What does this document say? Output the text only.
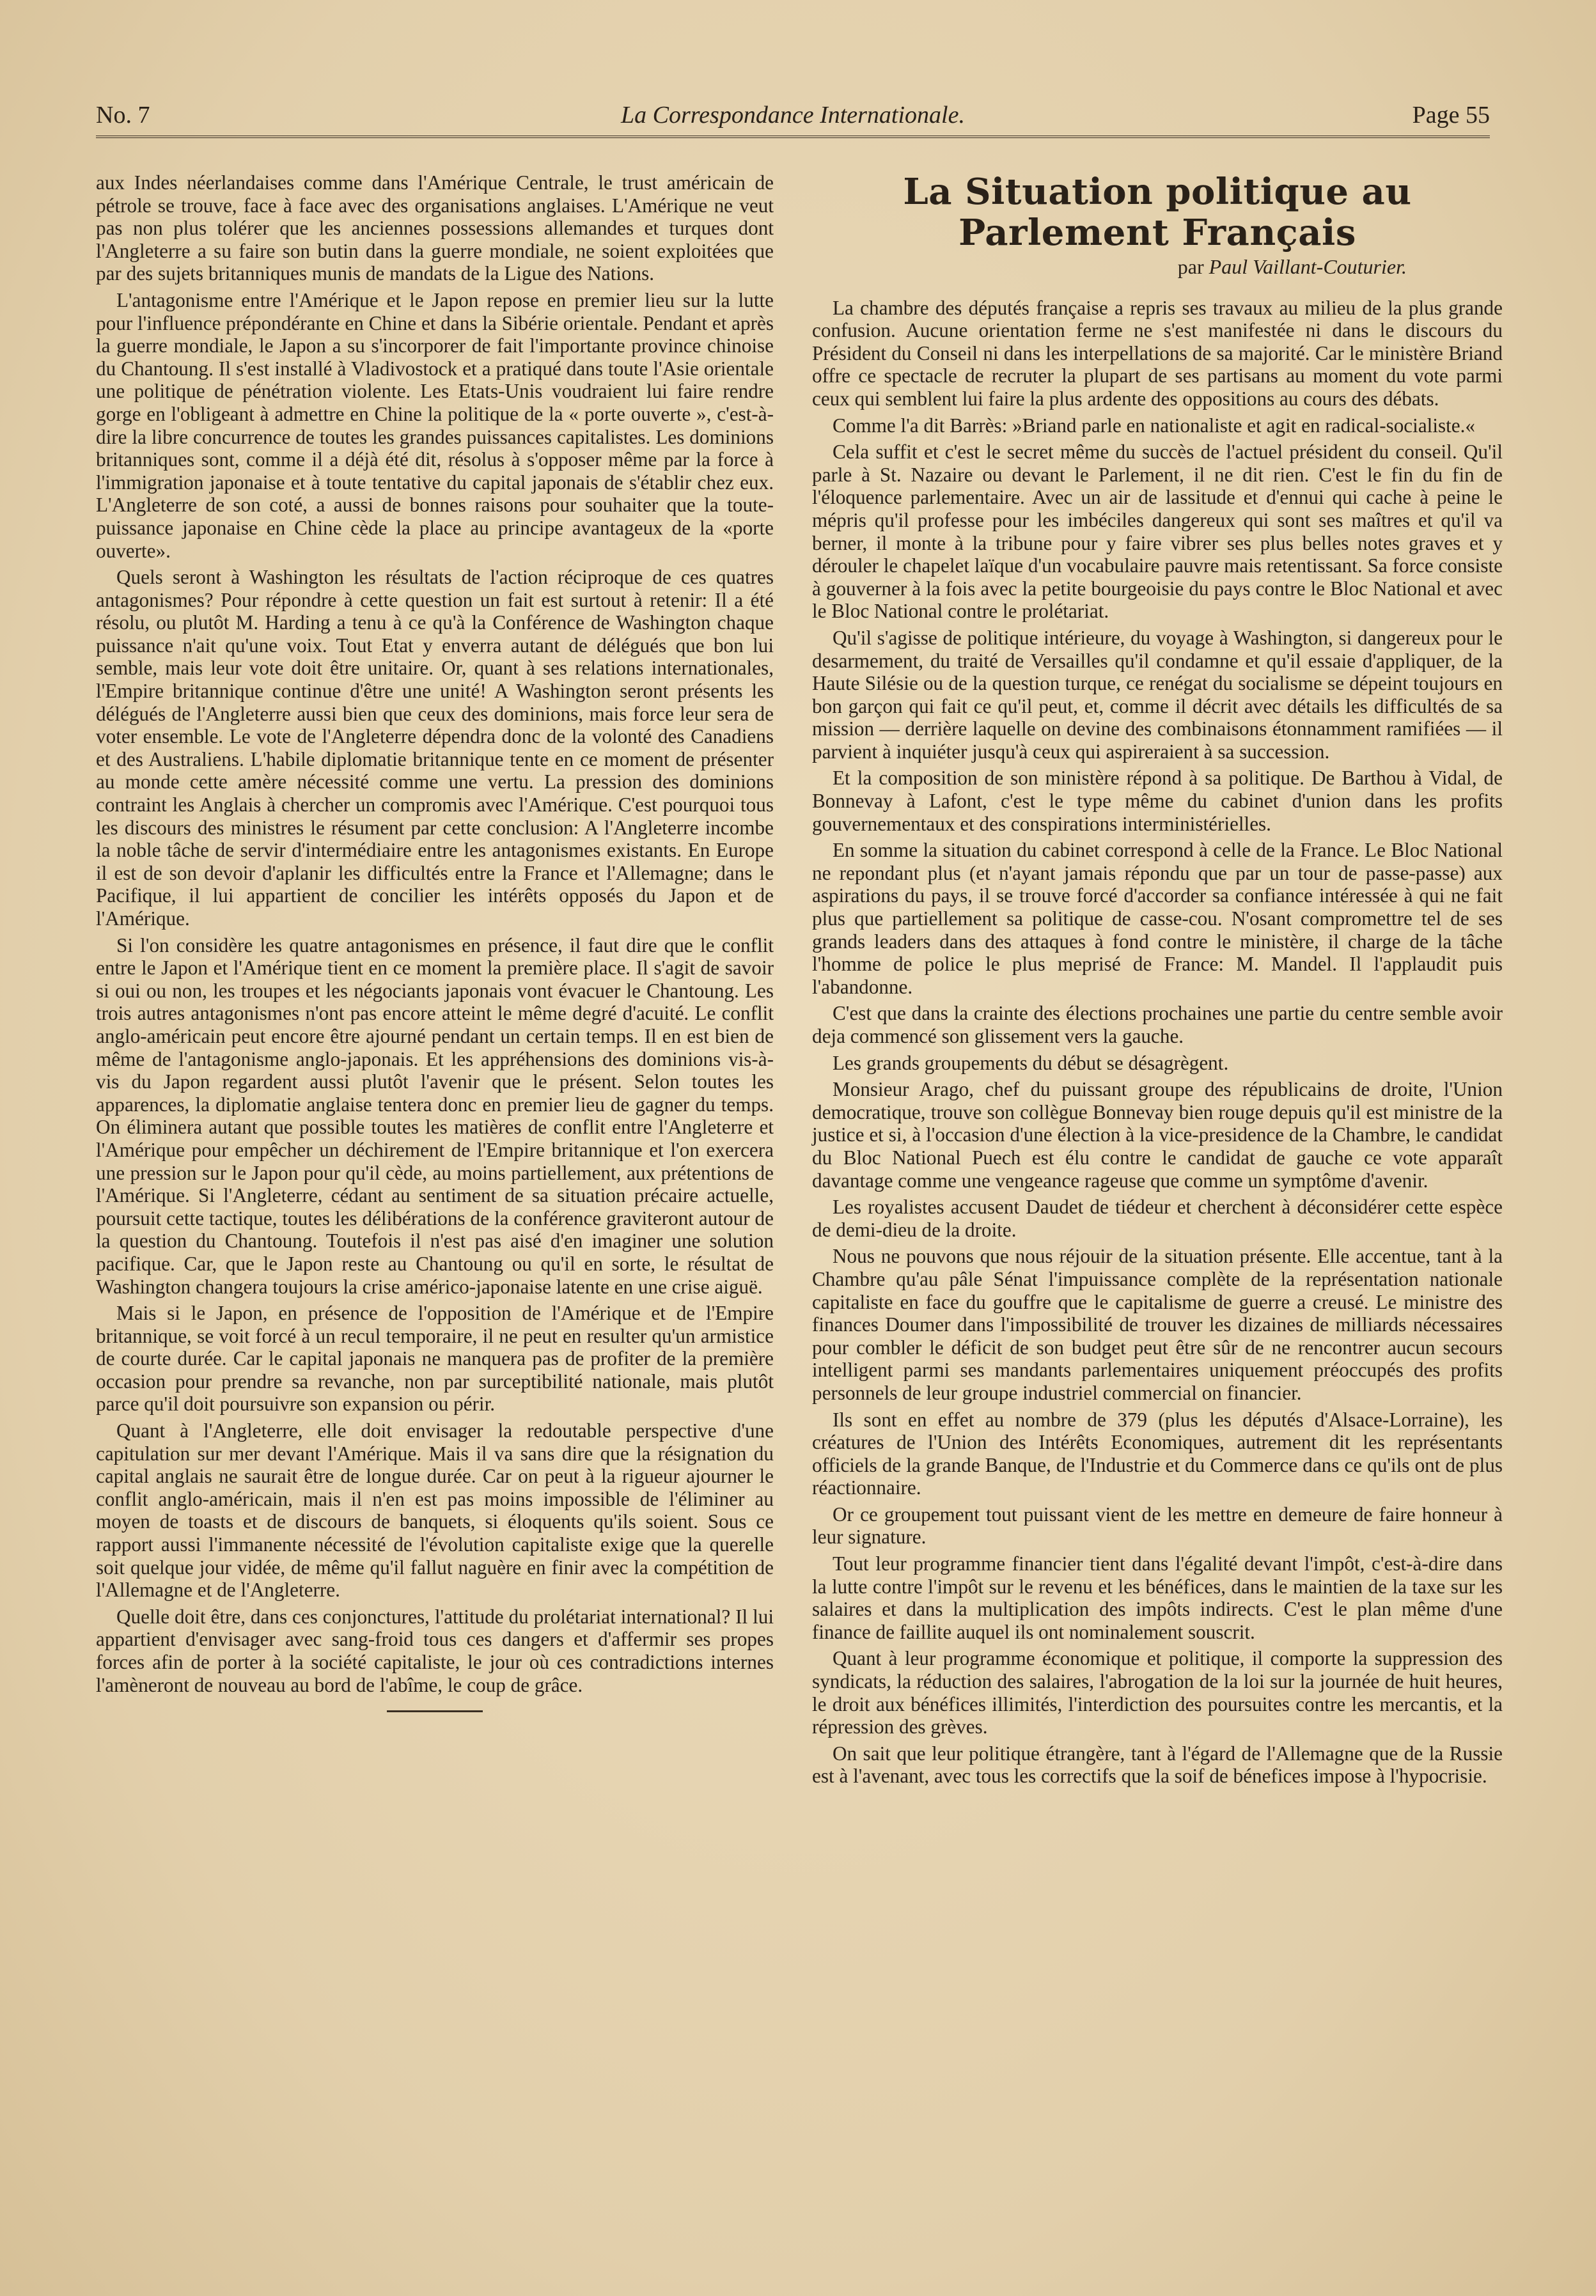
No. 7	La Correspondance Internationale.	Page 55

aux Indes néerlandaises comme dans l'Amérique Centrale, le trust américain de pétrole se trouve, face à face avec des organisations anglaises. L'Amérique ne veut pas non plus tolérer que les anciennes possessions allemandes et turques dont l'Angleterre a su faire son butin dans la guerre mondiale, ne soient exploitées que par des sujets britanniques munis de mandats de la Ligue des Nations.

L'antagonisme entre l'Amérique et le Japon repose en premier lieu sur la lutte pour l'influence prépondérante en Chine et dans la Sibérie orientale. Pendant et après la guerre mondiale, le Japon a su s'incorporer de fait l'importante province chinoise du Chantoung. Il s'est installé à Vladivostock et a pratiqué dans toute l'Asie orientale une politique de pénétration violente. Les Etats-Unis voudraient lui faire rendre gorge en l'obligeant à admettre en Chine la politique de la « porte ouverte », c'est-à-dire la libre concurrence de toutes les grandes puissances capitalistes. Les dominions britanniques sont, comme il a déjà été dit, résolus à s'opposer même par la force à l'immigration japonaise et à toute tentative du capital japonais de s'établir chez eux. L'Angleterre de son coté, a aussi de bonnes raisons pour souhaiter que la toute-puissance japonaise en Chine cède la place au principe avantageux de la «porte ouverte».

Quels seront à Washington les résultats de l'action réciproque de ces quatres antagonismes? Pour répondre à cette question un fait est surtout à retenir: Il a été résolu, ou plutôt M. Harding a tenu à ce qu'à la Conférence de Washington chaque puissance n'ait qu'une voix. Tout Etat y enverra autant de délégués que bon lui semble, mais leur vote doit être unitaire. Or, quant à ses relations internationales, l'Empire britannique continue d'être une unité! A Washington seront présents les délégués de l'Angleterre aussi bien que ceux des dominions, mais force leur sera de voter ensemble. Le vote de l'Angleterre dépendra donc de la volonté des Canadiens et des Australiens. L'habile diplomatie britannique tente en ce moment de présenter au monde cette amère nécessité comme une vertu. La pression des dominions contraint les Anglais à chercher un compromis avec l'Amérique. C'est pourquoi tous les discours des ministres le résument par cette conclusion: A l'Angleterre incombe la noble tâche de servir d'intermédiaire entre les antagonismes existants. En Europe il est de son devoir d'aplanir les difficultés entre la France et l'Allemagne; dans le Pacifique, il lui appartient de concilier les intérêts opposés du Japon et de l'Amérique.

Si l'on considère les quatre antagonismes en présence, il faut dire que le conflit entre le Japon et l'Amérique tient en ce moment la première place. Il s'agit de savoir si oui ou non, les troupes et les négociants japonais vont évacuer le Chantoung. Les trois autres antagonismes n'ont pas encore atteint le même degré d'acuité. Le conflit anglo-américain peut encore être ajourné pendant un certain temps. Il en est bien de même de l'antagonisme anglo-japonais. Et les appréhensions des dominions vis-à-vis du Japon regardent aussi plutôt l'avenir que le présent. Selon toutes les apparences, la diplomatie anglaise tentera donc en premier lieu de gagner du temps. On éliminera autant que possible toutes les matières de conflit entre l'Angleterre et l'Amérique pour empêcher un déchirement de l'Empire britannique et l'on exercera une pression sur le Japon pour qu'il cède, au moins partiellement, aux prétentions de l'Amérique. Si l'Angleterre, cédant au sentiment de sa situation précaire actuelle, poursuit cette tactique, toutes les délibérations de la conférence graviteront autour de la question du Chantoung. Toutefois il n'est pas aisé d'en imaginer une solution pacifique. Car, que le Japon reste au Chantoung ou qu'il en sorte, le résultat de Washington changera toujours la crise américo-japonaise latente en une crise aiguë.

Mais si le Japon, en présence de l'opposition de l'Amérique et de l'Empire britannique, se voit forcé à un recul temporaire, il ne peut en resulter qu'un armistice de courte durée. Car le capital japonais ne manquera pas de profiter de la première occasion pour prendre sa revanche, non par surceptibilité nationale, mais plutôt parce qu'il doit poursuivre son expansion ou périr.

Quant à l'Angleterre, elle doit envisager la redoutable perspective d'une capitulation sur mer devant l'Amérique. Mais il va sans dire que la résignation du capital anglais ne saurait être de longue durée. Car on peut à la rigueur ajourner le conflit anglo-américain, mais il n'en est pas moins impossible de l'éliminer au moyen de toasts et de discours de banquets, si éloquents qu'ils soient. Sous ce rapport aussi l'immanente nécessité de l'évolution capitaliste exige que la querelle soit quelque jour vidée, de même qu'il fallut naguère en finir avec la compétition de l'Allemagne et de l'Angleterre.

Quelle doit être, dans ces conjonctures, l'attitude du prolétariat international? Il lui appartient d'envisager avec sang-froid tous ces dangers et d'affermir ses propes forces afin de porter à la société capitaliste, le jour où ces contradictions internes l'amèneront de nouveau au bord de l'abîme, le coup de grâce.

La Situation politique au Parlement Français
par Paul Vaillant-Couturier.

La chambre des députés française a repris ses travaux au milieu de la plus grande confusion. Aucune orientation ferme ne s'est manifestée ni dans le discours du Président du Conseil ni dans les interpellations de sa majorité. Car le ministère Briand offre ce spectacle de recruter la plupart de ses partisans au moment du vote parmi ceux qui semblent lui faire la plus ardente des oppositions au cours des débats.

Comme l'a dit Barrès: »Briand parle en nationaliste et agit en radical-socialiste.«

Cela suffit et c'est le secret même du succès de l'actuel président du conseil. Qu'il parle à St. Nazaire ou devant le Parlement, il ne dit rien. C'est le fin du fin de l'éloquence parlementaire. Avec un air de lassitude et d'ennui qui cache à peine le mépris qu'il professe pour les imbéciles dangereux qui sont ses maîtres et qu'il va berner, il monte à la tribune pour y faire vibrer ses plus belles notes graves et y dérouler le chapelet laïque d'un vocabulaire pauvre mais retentissant. Sa force consiste à gouverner à la fois avec la petite bourgeoisie du pays contre le Bloc National et avec le Bloc National contre le prolétariat.

Qu'il s'agisse de politique intérieure, du voyage à Washington, si dangereux pour le desarmement, du traité de Versailles qu'il condamne et qu'il essaie d'appliquer, de la Haute Silésie ou de la question turque, ce renégat du socialisme se dépeint toujours en bon garçon qui fait ce qu'il peut, et, comme il décrit avec détails les difficultés de sa mission — derrière laquelle on devine des combinaisons étonnamment ramifiées — il parvient à inquiéter jusqu'à ceux qui aspireraient à sa succession.

Et la composition de son ministère répond à sa politique. De Barthou à Vidal, de Bonnevay à Lafont, c'est le type même du cabinet d'union dans les profits gouvernementaux et des conspirations interministérielles.

En somme la situation du cabinet correspond à celle de la France. Le Bloc National ne repondant plus (et n'ayant jamais répondu que par un tour de passe-passe) aux aspirations du pays, il se trouve forcé d'accorder sa confiance intéressée à qui ne fait plus que partiellement sa politique de casse-cou. N'osant compromettre tel de ses grands leaders dans des attaques à fond contre le ministère, il charge de la tâche l'homme de police le plus meprisé de France: M. Mandel. Il l'applaudit puis l'abandonne.

C'est que dans la crainte des élections prochaines une partie du centre semble avoir deja commencé son glissement vers la gauche.

Les grands groupements du début se désagrègent.

Monsieur Arago, chef du puissant groupe des républicains de droite, l'Union democratique, trouve son collègue Bonnevay bien rouge depuis qu'il est ministre de la justice et si, à l'occasion d'une élection à la vice-presidence de la Chambre, le candidat du Bloc National Puech est élu contre le candidat de gauche ce vote apparaît davantage comme une vengeance rageuse que comme un symptôme d'avenir.

Les royalistes accusent Daudet de tiédeur et cherchent à déconsidérer cette espèce de demi-dieu de la droite.

Nous ne pouvons que nous réjouir de la situation présente. Elle accentue, tant à la Chambre qu'au pâle Sénat l'impuissance complète de la représentation nationale capitaliste en face du gouffre que le capitalisme de guerre a creusé. Le ministre des finances Doumer dans l'impossibilité de trouver les dizaines de milliards nécessaires pour combler le déficit de son budget peut être sûr de ne rencontrer aucun secours intelligent parmi ses mandants parlementaires uniquement préoccupés des profits personnels de leur groupe industriel commercial on financier.

Ils sont en effet au nombre de 379 (plus les députés d'Alsace-Lorraine), les créatures de l'Union des Intérêts Economiques, autrement dit les représentants officiels de la grande Banque, de l'Industrie et du Commerce dans ce qu'ils ont de plus réactionnaire.

Or ce groupement tout puissant vient de les mettre en demeure de faire honneur à leur signature.

Tout leur programme financier tient dans l'égalité devant l'impôt, c'est-à-dire dans la lutte contre l'impôt sur le revenu et les bénéfices, dans le maintien de la taxe sur les salaires et dans la multiplication des impôts indirects. C'est le plan même d'une finance de faillite auquel ils ont nominalement souscrit.

Quant à leur programme économique et politique, il comporte la suppression des syndicats, la réduction des salaires, l'abrogation de la loi sur la journée de huit heures, le droit aux bénéfices illimités, l'interdiction des poursuites contre les mercantis, et la répression des grèves.

On sait que leur politique étrangère, tant à l'égard de l'Allemagne que de la Russie est à l'avenant, avec tous les correctifs que la soif de bénefices impose à l'hypocrisie.
